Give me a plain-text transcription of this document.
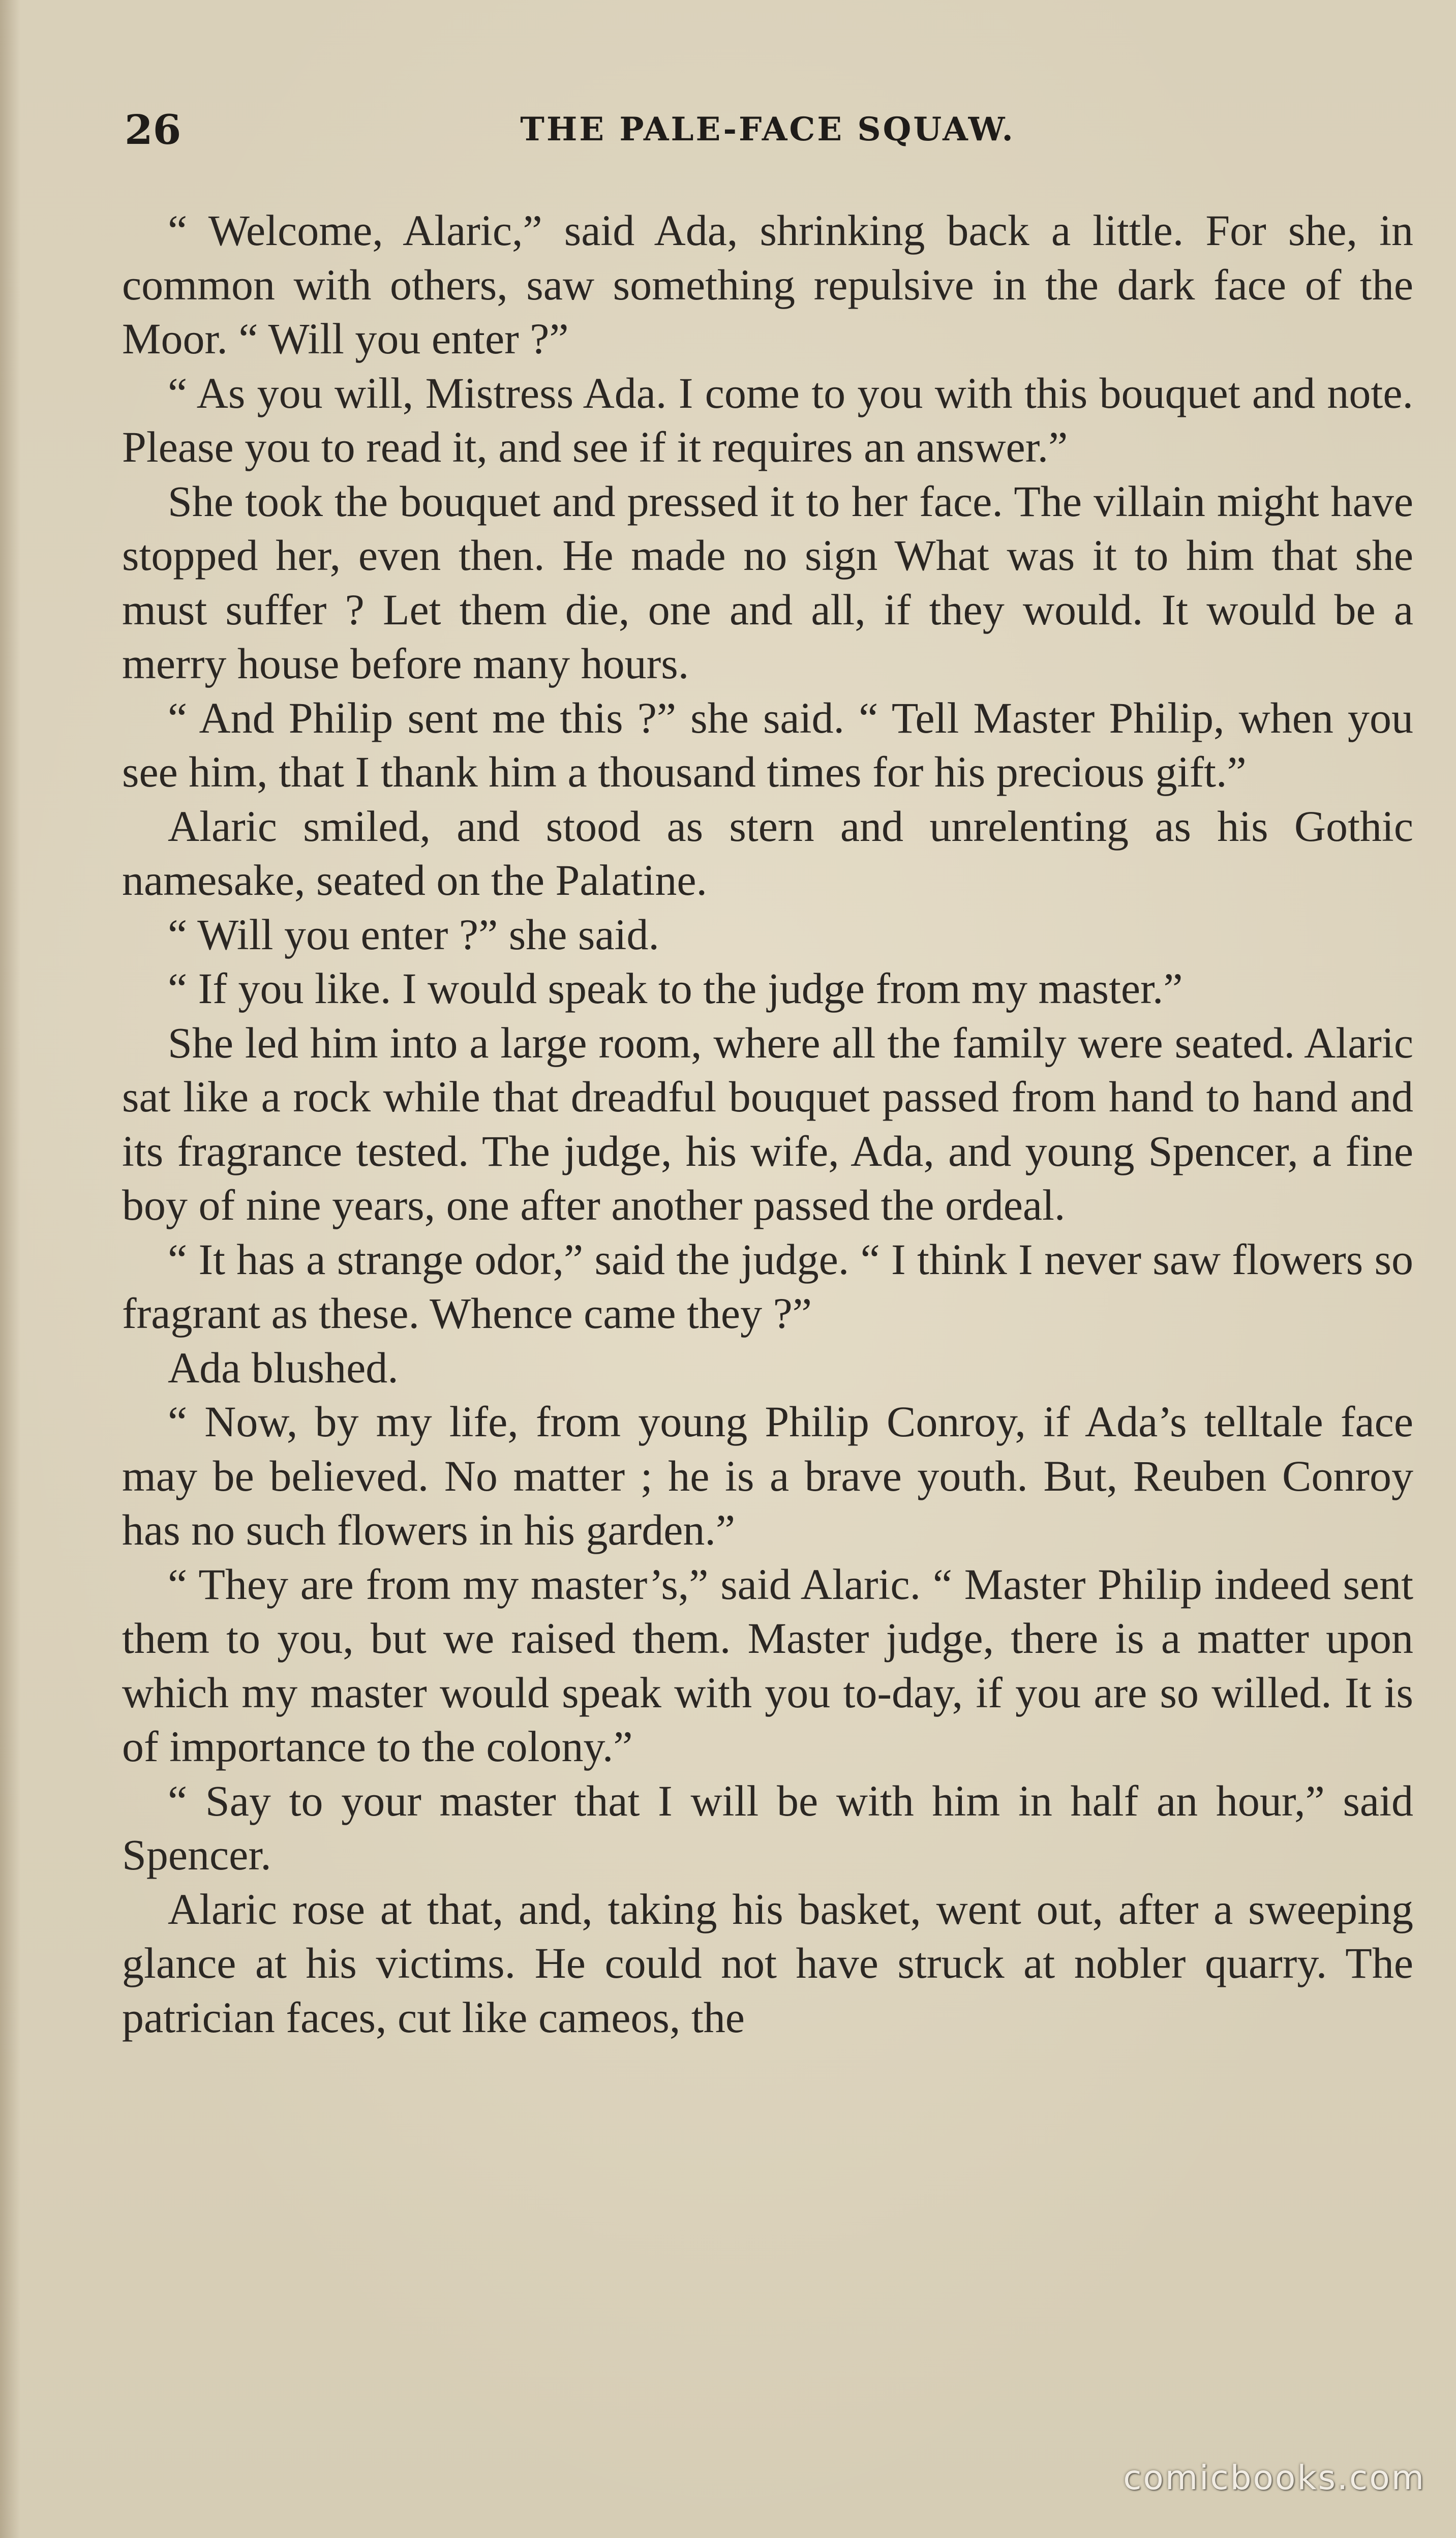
26	THE PALE-FACE SQUAW.

“ Welcome, Alaric,” said Ada, shrinking back a little. For she, in common with others, saw something repulsive in the dark face of the Moor. “ Will you enter ?”

“ As you will, Mistress Ada. I come to you with this bouquet and note. Please you to read it, and see if it requires an answer.”

She took the bouquet and pressed it to her face. The villain might have stopped her, even then. He made no sign What was it to him that she must suffer ? Let them die, one and all, if they would. It would be a merry house before many hours.

“ And Philip sent me this ?” she said. “ Tell Master Philip, when you see him, that I thank him a thousand times for his precious gift.”

Alaric smiled, and stood as stern and unrelenting as his Gothic namesake, seated on the Palatine.

“ Will you enter ?” she said.

“ If you like. I would speak to the judge from my master.”

She led him into a large room, where all the family were seated. Alaric sat like a rock while that dreadful bouquet passed from hand to hand and its fragrance tested. The judge, his wife, Ada, and young Spencer, a fine boy of nine years, one after another passed the ordeal.

“ It has a strange odor,” said the judge. “ I think I never saw flowers so fragrant as these. Whence came they ?”

Ada blushed.

“ Now, by my life, from young Philip Conroy, if Ada’s telltale face may be believed. No matter ; he is a brave youth. But, Reuben Conroy has no such flowers in his garden.”

“ They are from my master’s,” said Alaric. “ Master Philip indeed sent them to you, but we raised them. Master judge, there is a matter upon which my master would speak with you to-day, if you are so willed. It is of importance to the colony.”

“ Say to your master that I will be with him in half an hour,” said Spencer.

Alaric rose at that, and, taking his basket, went out, after a sweeping glance at his victims. He could not have struck at nobler quarry. The patrician faces, cut like cameos, the

comicbooks.com
